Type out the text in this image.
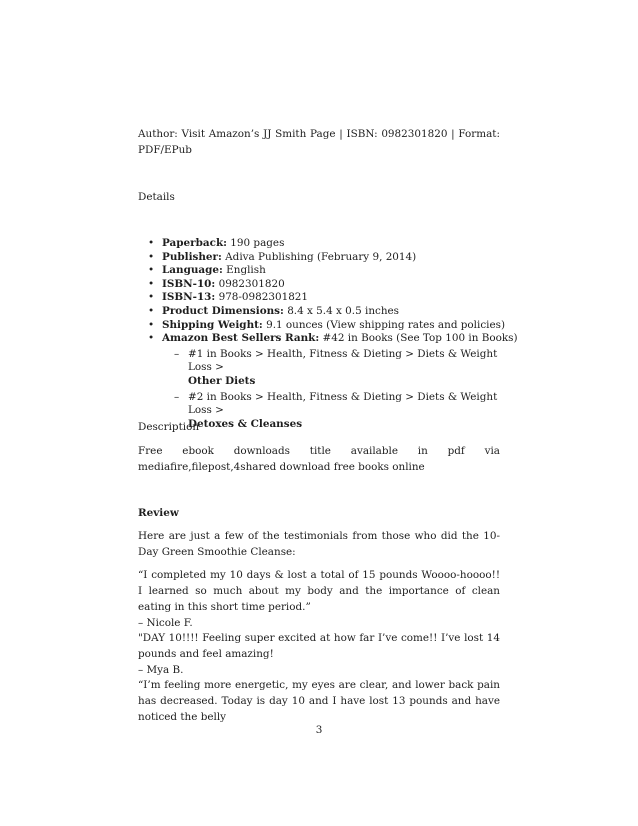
Author: Visit Amazon’s JJ Smith Page | ISBN: 0982301820 | Format: PDF/EPub

Details

• Paperback: 190 pages
• Publisher: Adiva Publishing (February 9, 2014)
• Language: English
• ISBN-10: 0982301820
• ISBN-13: 978-0982301821
• Product Dimensions: 8.4 x 5.4 x 0.5 inches
• Shipping Weight: 9.1 ounces (View shipping rates and policies)
• Amazon Best Sellers Rank: #42 in Books (See Top 100 in Books)
– #1 in Books > Health, Fitness & Dieting > Diets & Weight Loss >
Other Diets
– #2 in Books > Health, Fitness & Dieting > Diets & Weight Loss >
Detoxes & Cleanses

Description

Free ebook downloads title available in pdf via mediafire,filepost,4shared download free books online

Review

Here are just a few of the testimonials from those who did the 10-Day Green Smoothie Cleanse:

“I completed my 10 days & lost a total of 15 pounds Woooo-hoooo!! I learned so much about my body and the importance of clean eating in this short time period.”

– Nicole F.

"DAY 10!!!! Feeling super excited at how far I’ve come!! I’ve lost 14 pounds and feel amazing!

– Mya B.

“I’m feeling more energetic, my eyes are clear, and lower back pain has decreased. Today is day 10 and I have lost 13 pounds and have noticed the belly

3
